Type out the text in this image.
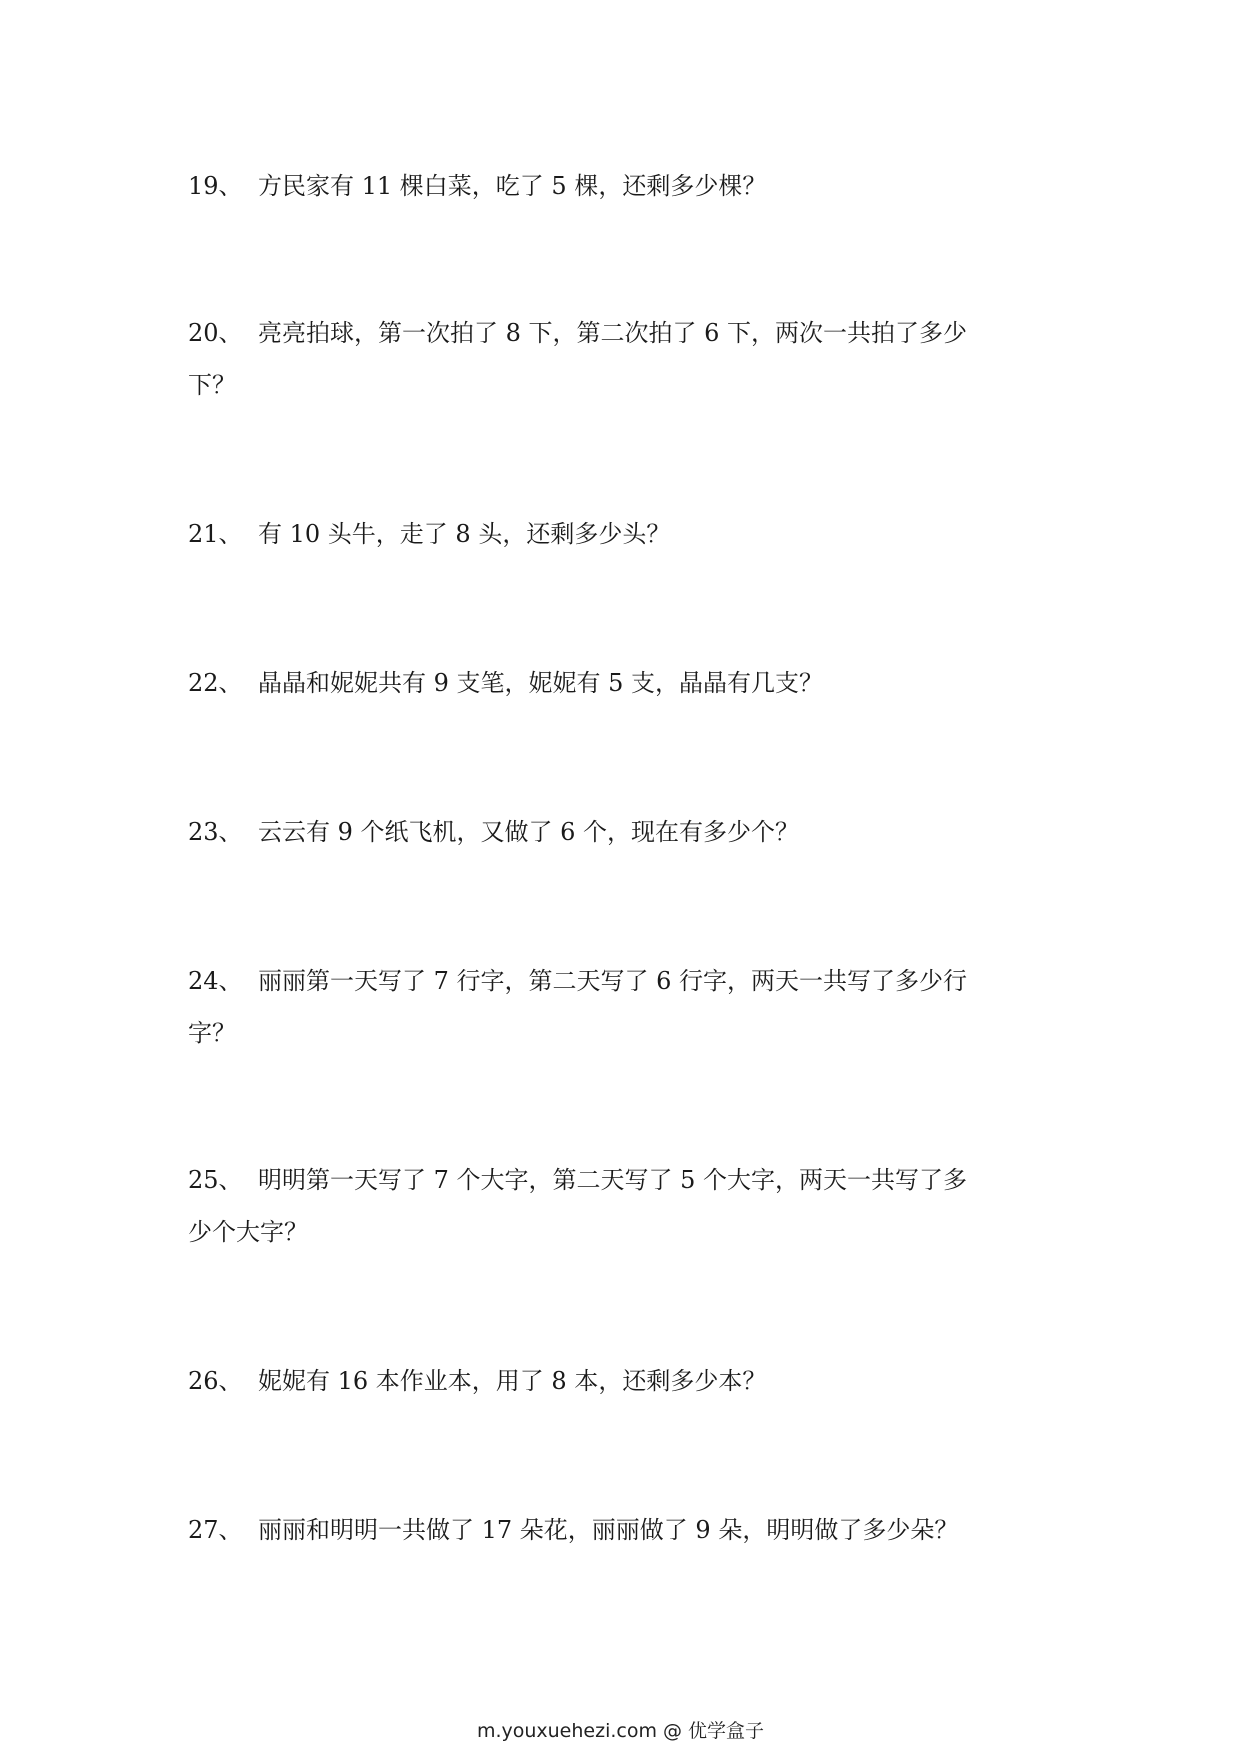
19、 方民家有 11 棵白菜，吃了 5 棵，还剩多少棵？
20、 亮亮拍球，第一次拍了 8 下，第二次拍了 6 下，两次一共拍了多少
下？
21、 有 10 头牛，走了 8 头，还剩多少头？
22、 晶晶和妮妮共有 9 支笔，妮妮有 5 支，晶晶有几支？
23、 云云有 9 个纸飞机，又做了 6 个，现在有多少个？
24、 丽丽第一天写了 7 行字，第二天写了 6 行字，两天一共写了多少行
字？
25、 明明第一天写了 7 个大字，第二天写了 5 个大字，两天一共写了多
少个大字？
26、 妮妮有 16 本作业本，用了 8 本，还剩多少本？
27、 丽丽和明明一共做了 17 朵花，丽丽做了 9 朵，明明做了多少朵？
m.youxuehezi.com @ 优学盒子
